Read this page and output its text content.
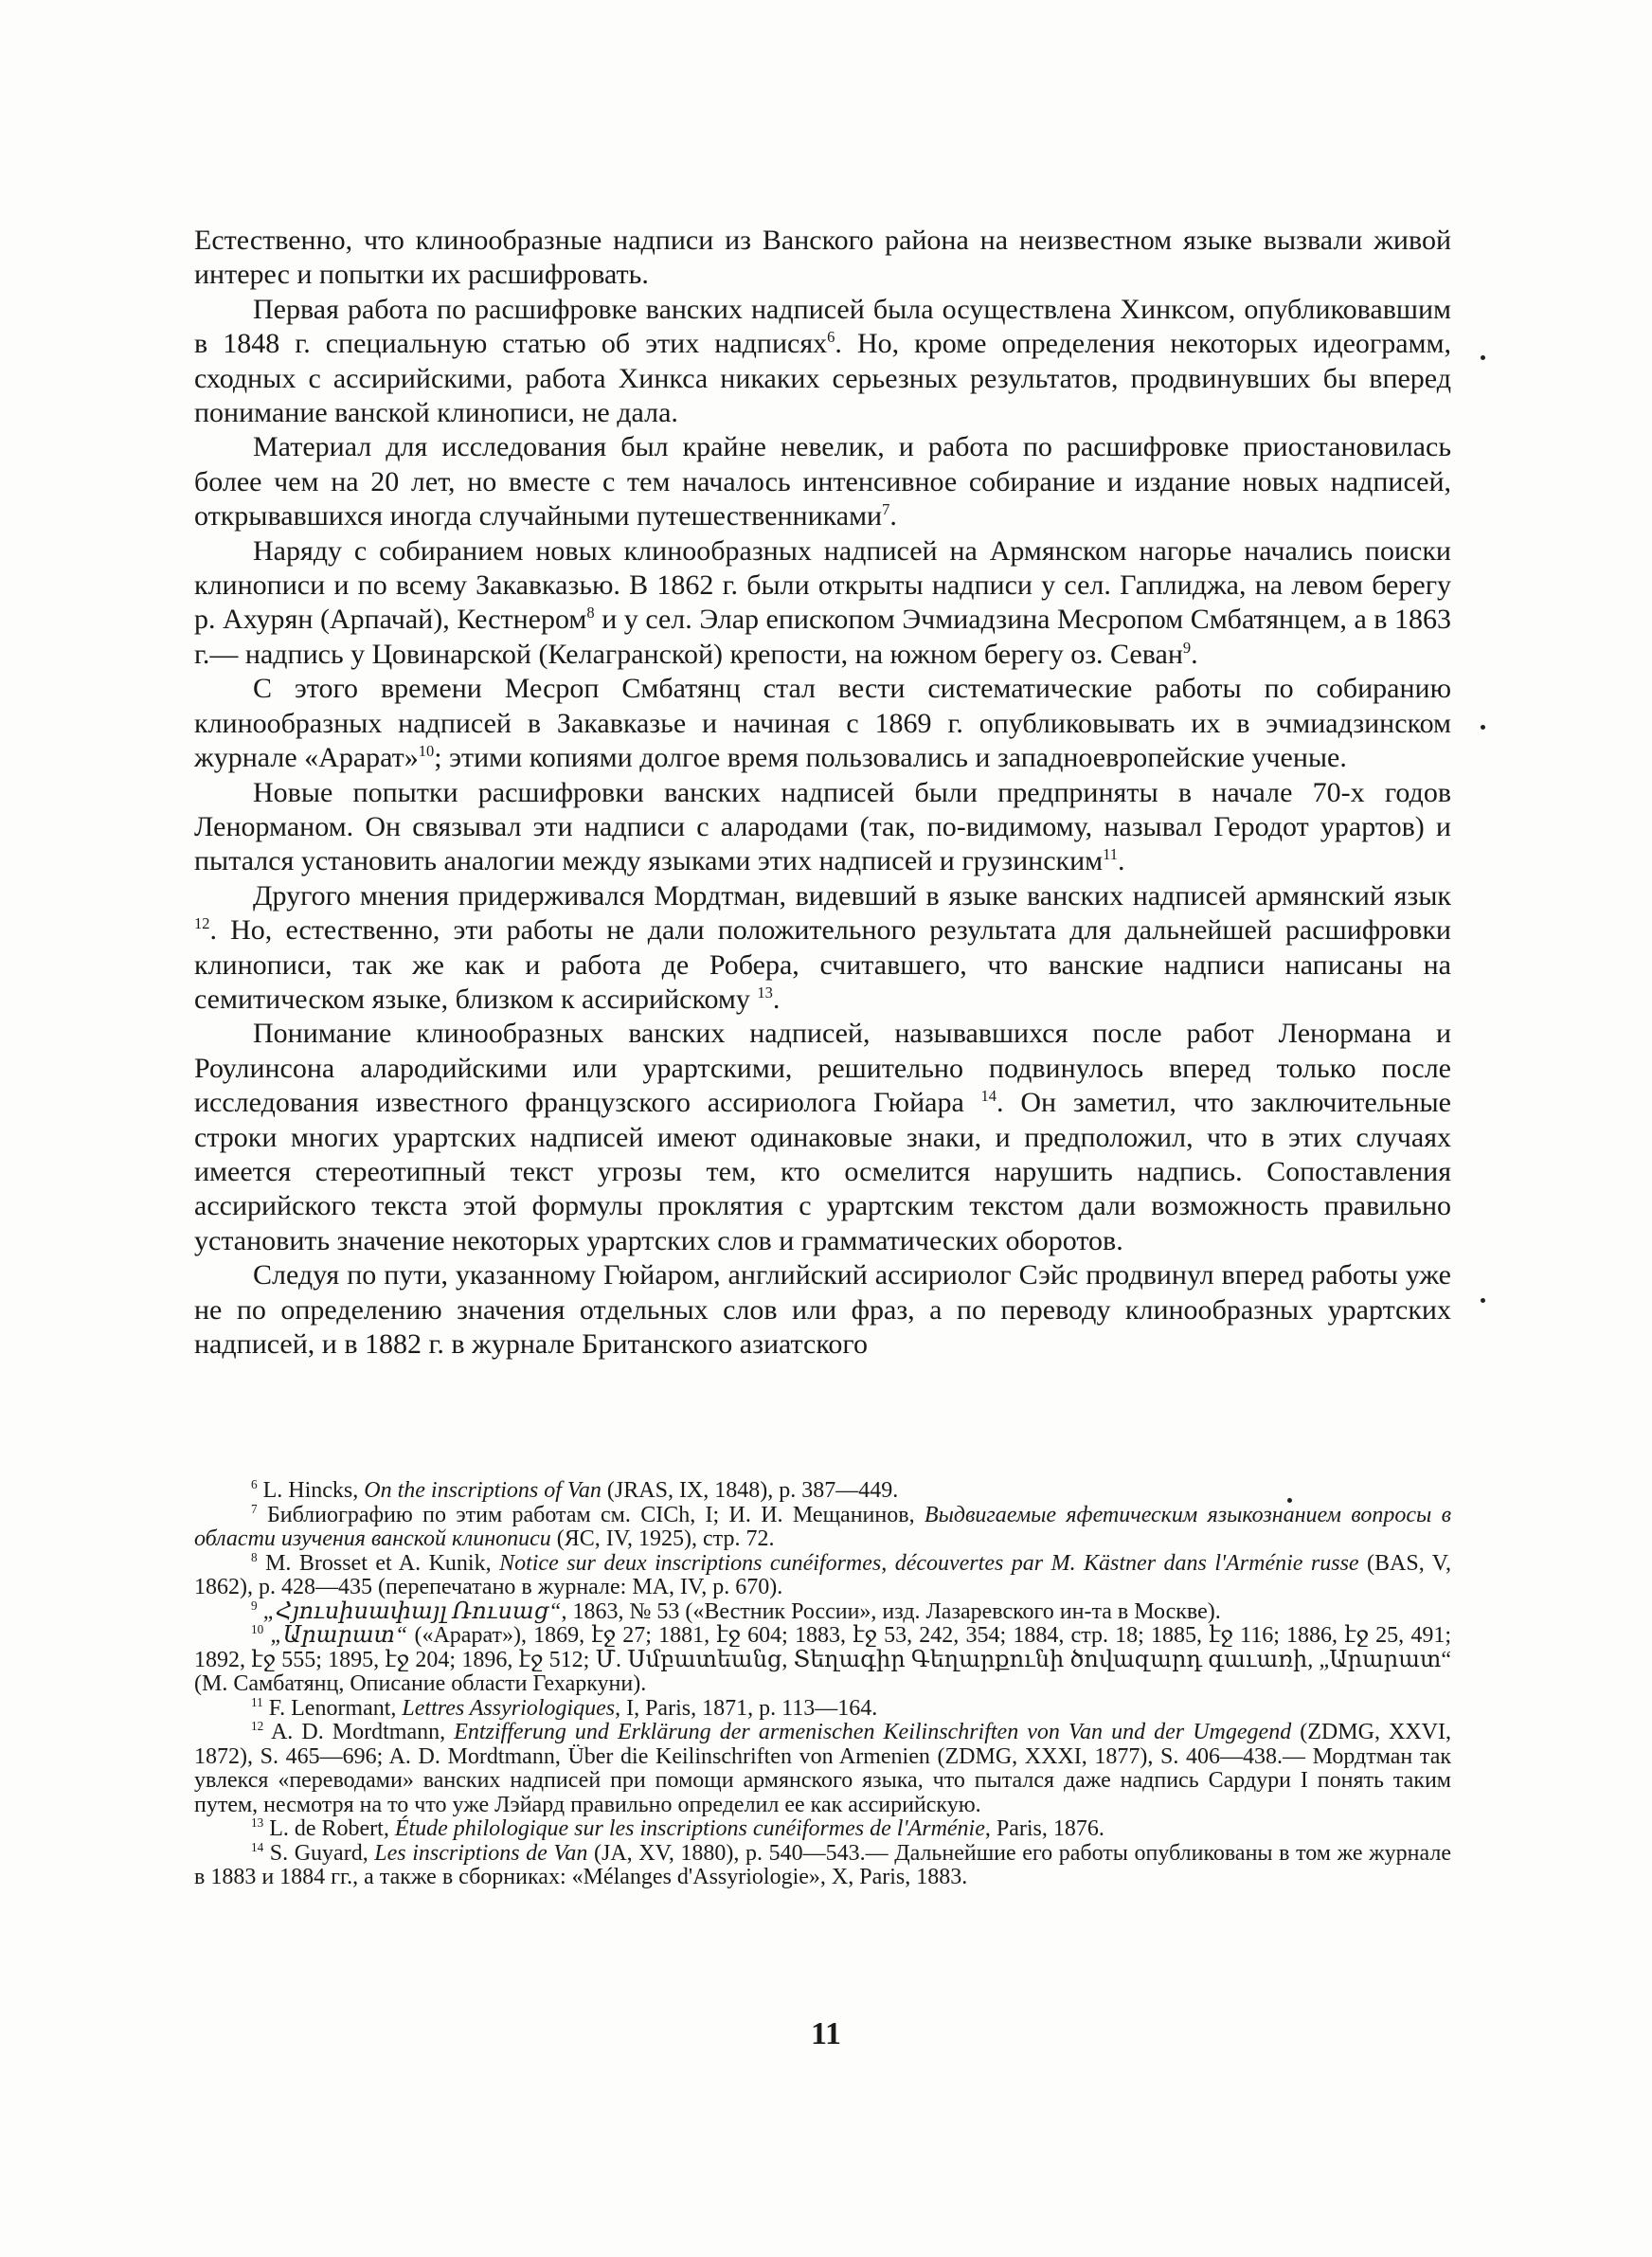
Естественно, что клинообразные надписи из Ванского района на неизвестном языке вызвали живой интерес и попытки их расшифровать.

Первая работа по расшифровке ванских надписей была осуществлена Хинксом, опубликовавшим в 1848 г. специальную статью об этих надписях$^6$. Но, кроме определения некоторых идеограмм, сходных с ассирийскими, работа Хинкса никаких серьезных результатов, продвинувших бы вперед понимание ванской клинописи, не дала.

Материал для исследования был крайне невелик, и работа по расшифровке приостановилась более чем на 20 лет, но вместе с тем началось интенсивное собирание и издание новых надписей, открывавшихся иногда случайными путешественниками$^7$.

Наряду с собиранием новых клинообразных надписей на Армянском нагорье начались поиски клинописи и по всему Закавказью. В 1862 г. были открыты надписи у сел. Гаплиджа, на левом берегу р. Ахурян (Арпачай), Кестнером$^8$ и у сел. Элар епископом Эчмиадзина Месропом Смбатянцем, а в 1863 г.— надпись у Цовинарской (Келагранской) крепости, на южном берегу оз. Севан$^9$.

С этого времени Месроп Смбатянц стал вести систематические работы по собиранию клинообразных надписей в Закавказье и начиная с 1869 г. опубликовывать их в эчмиадзинском журнале «Арарат»$^{10}$; этими копиями долгое время пользовались и западноевропейские ученые.

Новые попытки расшифровки ванских надписей были предприняты в начале 70-х годов Ленорманом. Он связывал эти надписи с алародами (так, по-видимому, называл Геродот урартов) и пытался установить аналогии между языками этих надписей и грузинским$^{11}$.

Другого мнения придерживался Мордтман, видевший в языке ванских надписей армянский язык $^{12}$. Но, естественно, эти работы не дали положительного результата для дальнейшей расшифровки клинописи, так же как и работа де Робера, считавшего, что ванские надписи написаны на семитическом языке, близком к ассирийскому $^{13}$.

Понимание клинообразных ванских надписей, называвшихся после работ Ленормана и Роулинсона алародийскими или урартскими, решительно подвинулось вперед только после исследования известного французского ассириолога Гюйара $^{14}$. Он заметил, что заключительные строки многих урартских надписей имеют одинаковые знаки, и предположил, что в этих случаях имеется стереотипный текст угрозы тем, кто осмелится нарушить надпись. Сопоставления ассирийского текста этой формулы проклятия с урартским текстом дали возможность правильно установить значение некоторых урартских слов и грамматических оборотов.

Следуя по пути, указанному Гюйаром, английский ассириолог Сэйс продвинул вперед работы уже не по определению значения отдельных слов или фраз, а по переводу клинообразных урартских надписей, и в 1882 г. в журнале Британского азиатского

$^6$ L. Hincks, On the inscriptions of Van (JRAS, IX, 1848), p. 387—449.

$^7$ Библиографию по этим работам см. CICh, I; И. И. Мещанинов, Выдвигаемые яфетическим языкознанием вопросы в области изучения ванской клинописи (ЯС, IV, 1925), стр. 72.

$^8$ M. Brosset et A. Kunik, Notice sur deux inscriptions cunéiformes, découvertes par M. Kästner dans l'Arménie russe (BAS, V, 1862), p. 428—435 (перепечатано в журнале: MA, IV, p. 670).

$^9$ „Հյուսիսափայլ Ռուսաց“, 1863, № 53 («Вестник России», изд. Лазаревского ин-та в Москве).

$^{10}$ „Արարատ“ («Арарат»), 1869, էջ 27; 1881, էջ 604; 1883, էջ 53, 242, 354; 1884, стр. 18; 1885, էջ 116; 1886, էջ 25, 491; 1892, էջ 555; 1895, էջ 204; 1896, էջ 512; Մ. Սմբատեանց, Տեղագիր Գեղարքունի ծովազարդ գաւառի, „Արարատ“ (М. Самбатянц, Описание области Гехаркуни).

$^{11}$ F. Lenormant, Lettres Assyriologiques, I, Paris, 1871, p. 113—164.

$^{12}$ A. D. Mordtmann, Entzifferung und Erklärung der armenischen Keilinschriften von Van und der Umgegend (ZDMG, XXVI, 1872), S. 465—696; A. D. Mordtmann, Über die Keilinschriften von Armenien (ZDMG, XXXI, 1877), S. 406—438.— Мордтман так увлекся «переводами» ванских надписей при помощи армянского языка, что пытался даже надпись Сардури I понять таким путем, несмотря на то что уже Лэйард правильно определил ее как ассирийскую.

$^{13}$ L. de Robert, Étude philologique sur les inscriptions cunéiformes de l'Arménie, Paris, 1876.

$^{14}$ S. Guyard, Les inscriptions de Van (JA, XV, 1880), p. 540—543.— Дальнейшие его работы опубликованы в том же журнале в 1883 и 1884 гг., а также в сборниках: «Mélanges d'Assyriologie», X, Paris, 1883.

11
